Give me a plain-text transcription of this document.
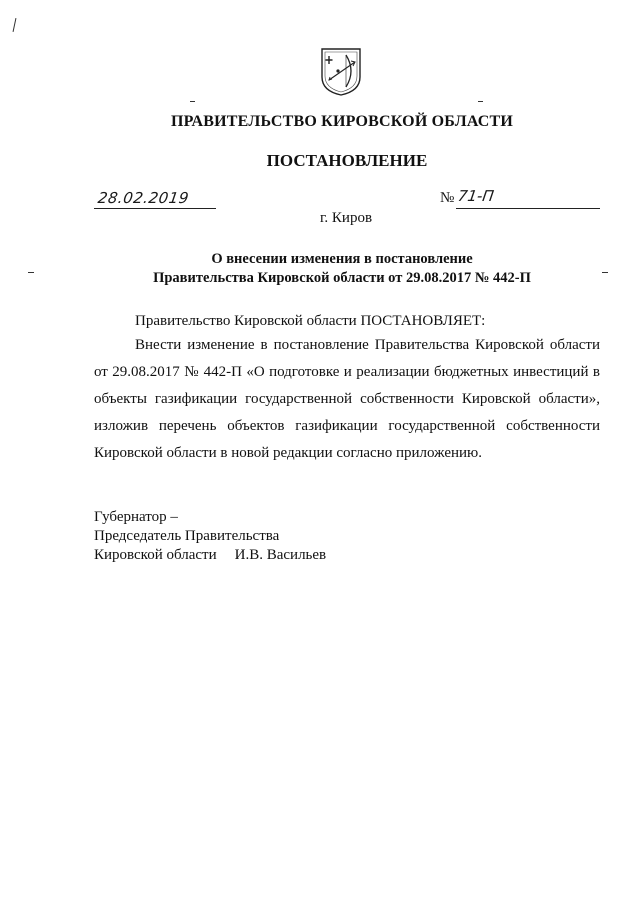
ПРАВИТЕЛЬСТВО КИРОВСКОЙ ОБЛАСТИ
ПОСТАНОВЛЕНИЕ
28.02.2019	№ 71-П
г. Киров
О внесении изменения в постановление
Правительства Кировской области от 29.08.2017 № 442-П
Правительство Кировской области ПОСТАНОВЛЯЕТ:
Внести изменение в постановление Правительства Кировской области от 29.08.2017 № 442-П «О подготовке и реализации бюджетных инвестиций в объекты газификации государственной собственности Кировской области», изложив перечень объектов газификации государственной собственности Кировской области в новой редакции согласно приложению.
Губернатор –
Председатель Правительства
Кировской области И.В. Васильев
